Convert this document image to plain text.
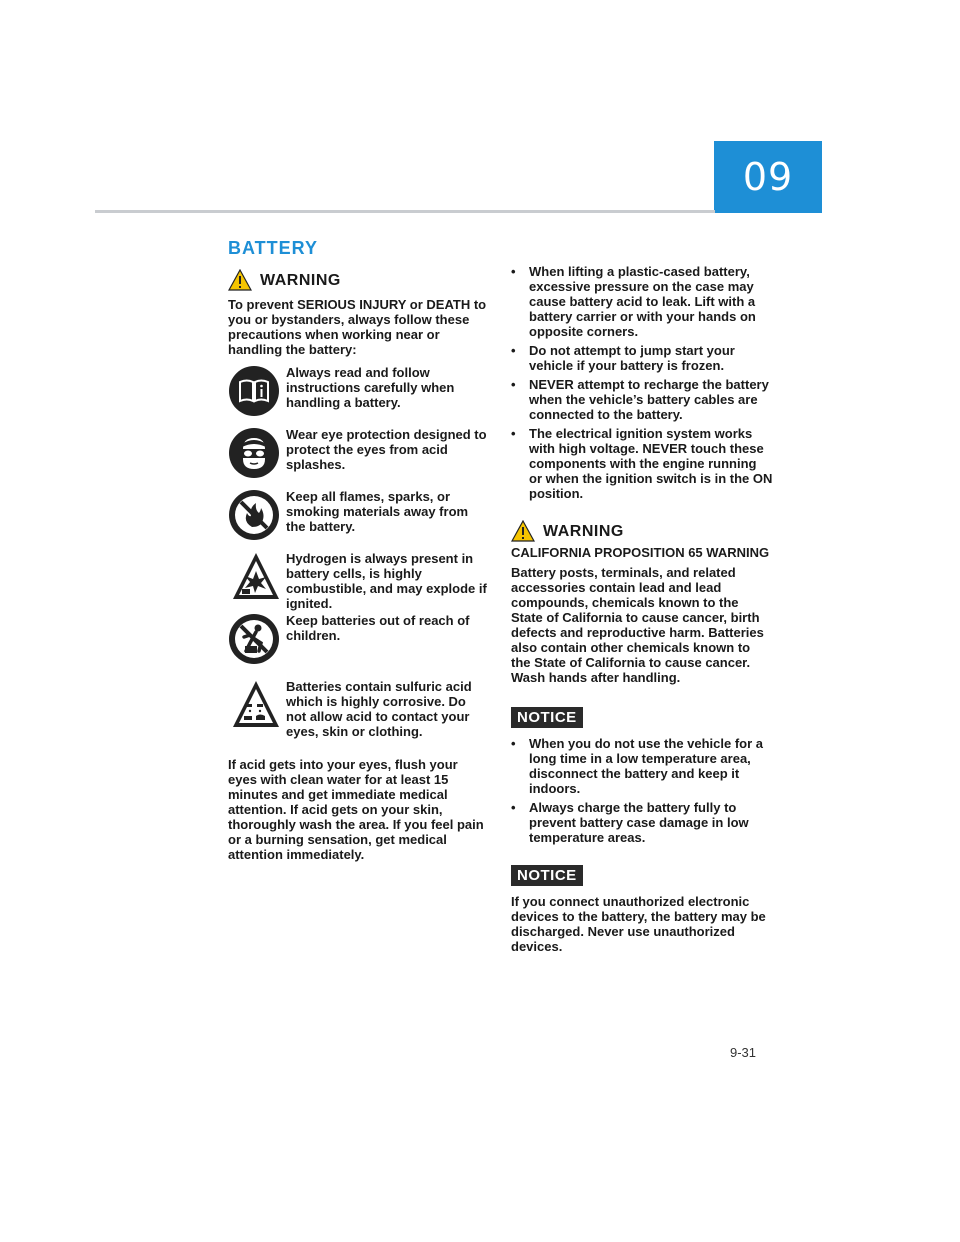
09
BATTERY
WARNING

To prevent SERIOUS INJURY or DEATH to you or bystanders, always follow these precautions when working near or handling the battery:

Always read and follow instructions carefully when handling a battery.
Wear eye protection designed to protect the eyes from acid splashes.
Keep all flames, sparks, or smoking materials away from the battery.
Hydrogen is always present in battery cells, is highly combustible, and may explode if ignited.
Keep batteries out of reach of children.
Batteries contain sulfuric acid which is highly corrosive. Do not allow acid to contact your eyes, skin or clothing.

If acid gets into your eyes, flush your eyes with clean water for at least 15 minutes and get immediate medical attention. If acid gets on your skin, thoroughly wash the area. If you feel pain or a burning sensation, get medical attention immediately.

• When lifting a plastic-cased battery, excessive pressure on the case may cause battery acid to leak. Lift with a battery carrier or with your hands on opposite corners.
• Do not attempt to jump start your vehicle if your battery is frozen.
• NEVER attempt to recharge the battery when the vehicle’s battery cables are connected to the battery.
• The electrical ignition system works with high voltage. NEVER touch these components with the engine running or when the ignition switch is in the ON position.
WARNING

CALIFORNIA PROPOSITION 65 WARNING

Battery posts, terminals, and related accessories contain lead and lead compounds, chemicals known to the State of California to cause cancer, birth defects and reproductive harm. Batteries also contain other chemicals known to the State of California to cause cancer. Wash hands after handling.

NOTICE
• When you do not use the vehicle for a long time in a low temperature area, disconnect the battery and keep it indoors.
• Always charge the battery fully to prevent battery case damage in low temperature areas.
NOTICE

If you connect unauthorized electronic devices to the battery, the battery may be discharged. Never use unauthorized devices.

9-31
